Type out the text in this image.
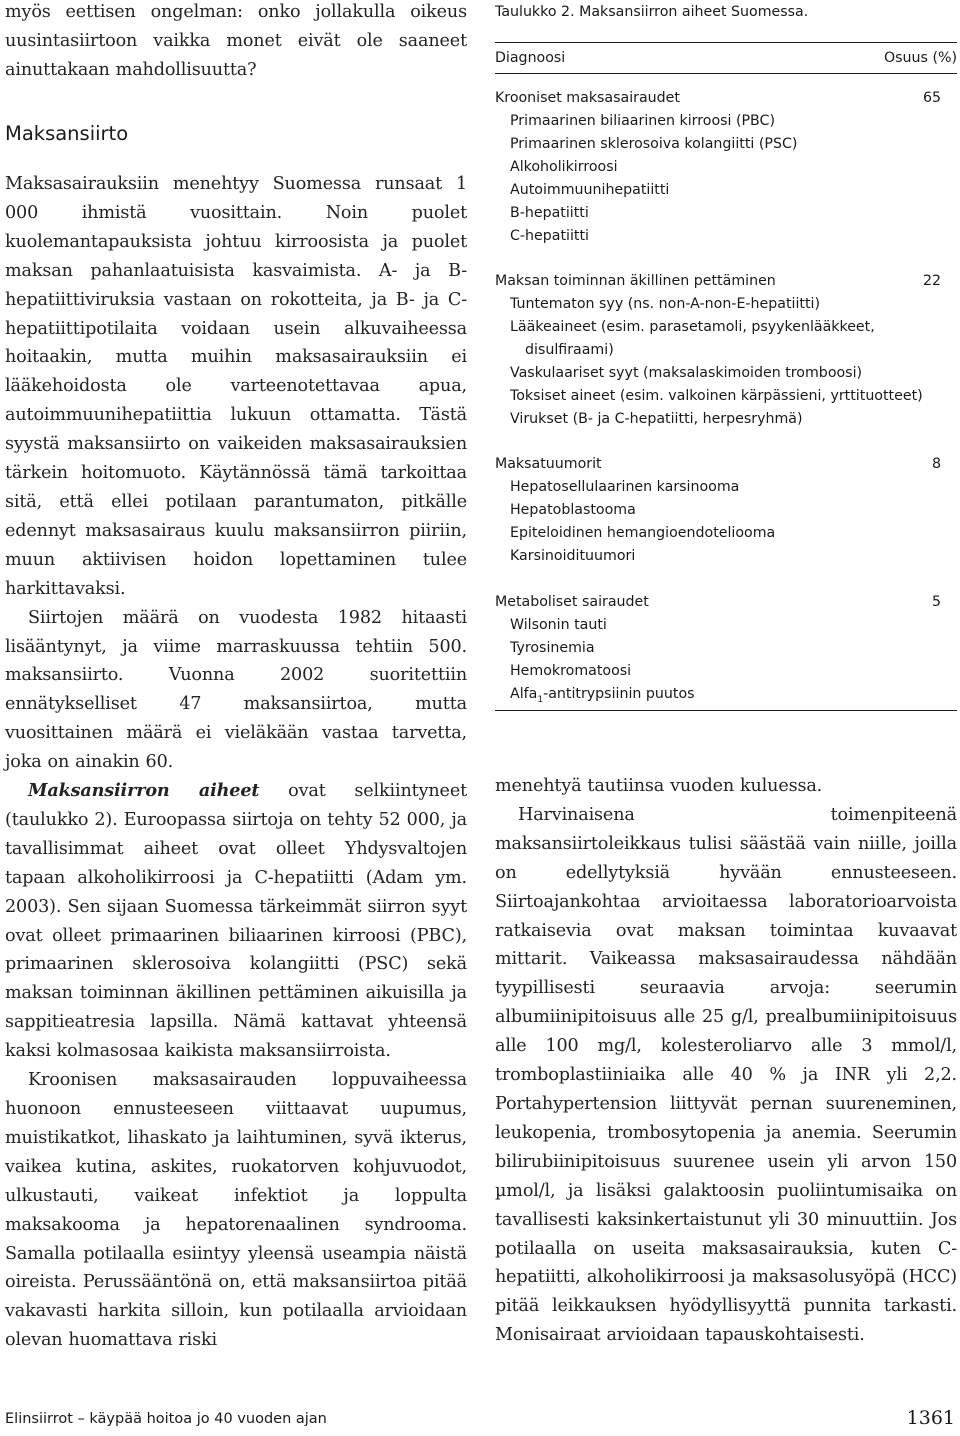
myös eettisen ongelman: onko jollakulla oikeus uusintasiirtoon vaikka monet eivät ole saaneet ainuttakaan mahdollisuutta?

Maksansiirto

Maksasairauksiin menehtyy Suomessa runsaat 1 000 ihmistä vuosittain. Noin puolet kuolemantapauksista johtuu kirroosista ja puolet maksan pahanlaatuisista kasvaimista. A- ja B-hepatiittiviruksia vastaan on rokotteita, ja B- ja C-hepatiittipotilaita voidaan usein alkuvaiheessa hoitaakin, mutta muihin maksasairauksiin ei lääkehoidosta ole varteenotettavaa apua, autoimmuunihepatiittia lukuun ottamatta. Tästä syystä maksansiirto on vaikeiden maksasairauksien tärkein hoitomuoto. Käytännössä tämä tarkoittaa sitä, että ellei potilaan parantumaton, pitkälle edennyt maksasairaus kuulu maksansiirron piiriin, muun aktiivisen hoidon lopettaminen tulee harkittavaksi.

Siirtojen määrä on vuodesta 1982 hitaasti lisääntynyt, ja viime marraskuussa tehtiin 500. maksansiirto. Vuonna 2002 suoritettiin ennätykselliset 47 maksansiirtoa, mutta vuosittainen määrä ei vieläkään vastaa tarvetta, joka on ainakin 60.

Maksansiirron aiheet ovat selkiintyneet (taulukko 2). Euroopassa siirtoja on tehty 52 000, ja tavallisimmat aiheet ovat olleet Yhdysvaltojen tapaan alkoholikirroosi ja C-hepatiitti (Adam ym. 2003). Sen sijaan Suomessa tärkeimmät siirron syyt ovat olleet primaarinen biliaarinen kirroosi (PBC), primaarinen sklerosoiva kolangiitti (PSC) sekä maksan toiminnan äkillinen pettäminen aikuisilla ja sappitieatresia lapsilla. Nämä kattavat yhteensä kaksi kolmasosaa kaikista maksansiirroista.

Kroonisen maksasairauden loppuvaiheessa huonoon ennusteeseen viittaavat uupumus, muistikatkot, lihaskato ja laihtuminen, syvä ikterus, vaikea kutina, askites, ruokatorven kohjuvuodot, ulkustauti, vaikeat infektiot ja loppulta maksakooma ja hepatorenaalinen syndrooma. Samalla potilaalla esiintyy yleensä useampia näistä oireista. Perussääntönä on, että maksansiirtoa pitää vakavasti harkita silloin, kun potilaalla arvioidaan olevan huomattava riski

Taulukko 2. Maksansiirron aiheet Suomessa.
Diagnoosi	Osuus (%)
Krooniset maksasairaudet	65
Primaarinen biliaarinen kirroosi (PBC)
Primaarinen sklerosoiva kolangiitti (PSC)
Alkoholikirroosi
Autoimmuunihepatiitti
B-hepatiitti
C-hepatiitti
Maksan toiminnan äkillinen pettäminen	22
Tuntematon syy (ns. non-A-non-E-hepatiitti)
Lääkeaineet (esim. parasetamoli, psyykenlääkkeet,
disulfiraami)
Vaskulaariset syyt (maksalaskimoiden tromboosi)
Toksiset aineet (esim. valkoinen kärpässieni, yrttituotteet)
Virukset (B- ja C-hepatiitti, herpesryhmä)
Maksatuumorit	8
Hepatosellulaarinen karsinooma
Hepatoblastooma
Epiteloidinen hemangioendoteliooma
Karsinoidituumori
Metaboliset sairaudet	5
Wilsonin tauti
Tyrosinemia
Hemokromatoosi
Alfa$_1$-antitrypsiinin puutos

menehtyä tautiinsa vuoden kuluessa.

Harvinaisena toimenpiteenä maksansiirtoleikkaus tulisi säästää vain niille, joilla on edellytyksiä hyvään ennusteeseen. Siirtoajankohtaa arvioitaessa laboratorioarvoista ratkaisevia ovat maksan toimintaa kuvaavat mittarit. Vaikeassa maksasairaudessa nähdään tyypillisesti seuraavia arvoja: seerumin albumiinipitoisuus alle 25 g/l, prealbumiinipitoisuus alle 100 mg/l, kolesteroliarvo alle 3 mmol/l, tromboplastiiniaika alle 40 % ja INR yli 2,2. Portahypertension liittyvät pernan suureneminen, leukopenia, trombosytopenia ja anemia. Seerumin bilirubiinipitoisuus suurenee usein yli arvon 150 µmol/l, ja lisäksi galaktoosin puoliintumisaika on tavallisesti kaksinkertaistunut yli 30 minuuttiin. Jos potilaalla on useita maksasairauksia, kuten C-hepatiitti, alkoholikirroosi ja maksasolusyöpä (HCC) pitää leikkauksen hyödyllisyyttä punnita tarkasti. Monisairaat arvioidaan tapauskohtaisesti.

Elinsiirrot – käypää hoitoa jo 40 vuoden ajan	1361
